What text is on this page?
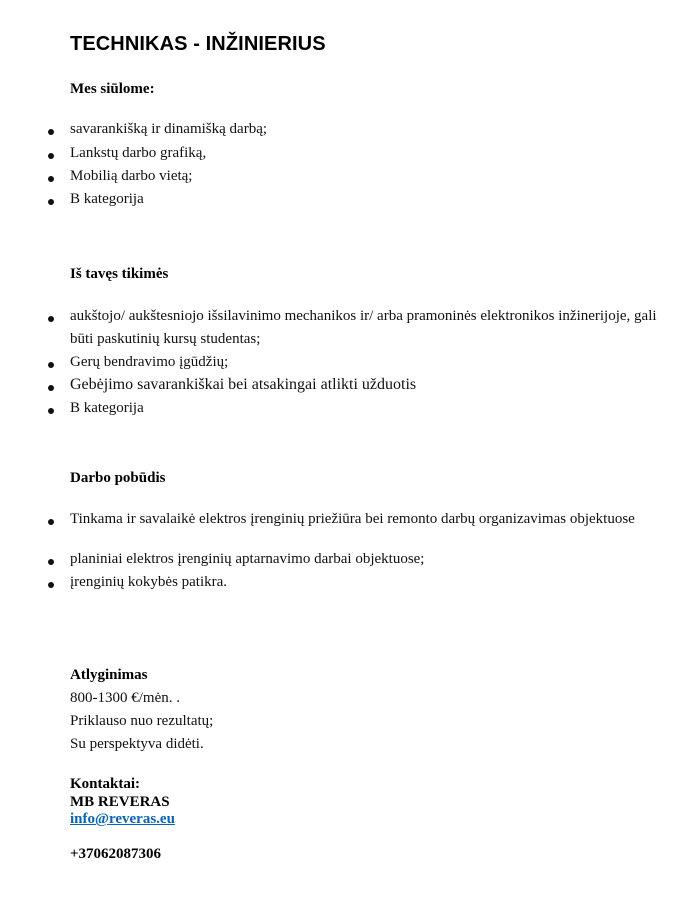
TECHNIKAS - INŽINIERIUS
Mes siūlome:
savarankišką ir dinamišką darbą;
Lankstų darbo grafiką,
Mobilią darbo vietą;
B kategorija
Iš tavęs tikimės
aukštojo/ aukštesniojo išsilavinimo mechanikos ir/ arba pramoninės elektronikos inžinerijoje, gali
būti paskutinių kursų studentas;
Gerų bendravimo įgūdžių;
Gebėjimo savarankiškai bei atsakingai atlikti užduotis
B kategorija
Darbo pobūdis
Tinkama ir savalaikė elektros įrenginių priežiūra bei remonto darbų organizavimas objektuose
planiniai elektros įrenginių aptarnavimo darbai objektuose;
įrenginių kokybės patikra.
Atlyginimas
800-1300 €/mėn. .
Priklauso nuo rezultatų;
Su perspektyva didėti.
Kontaktai:
MB REVERAS
info@reveras.eu
+37062087306
